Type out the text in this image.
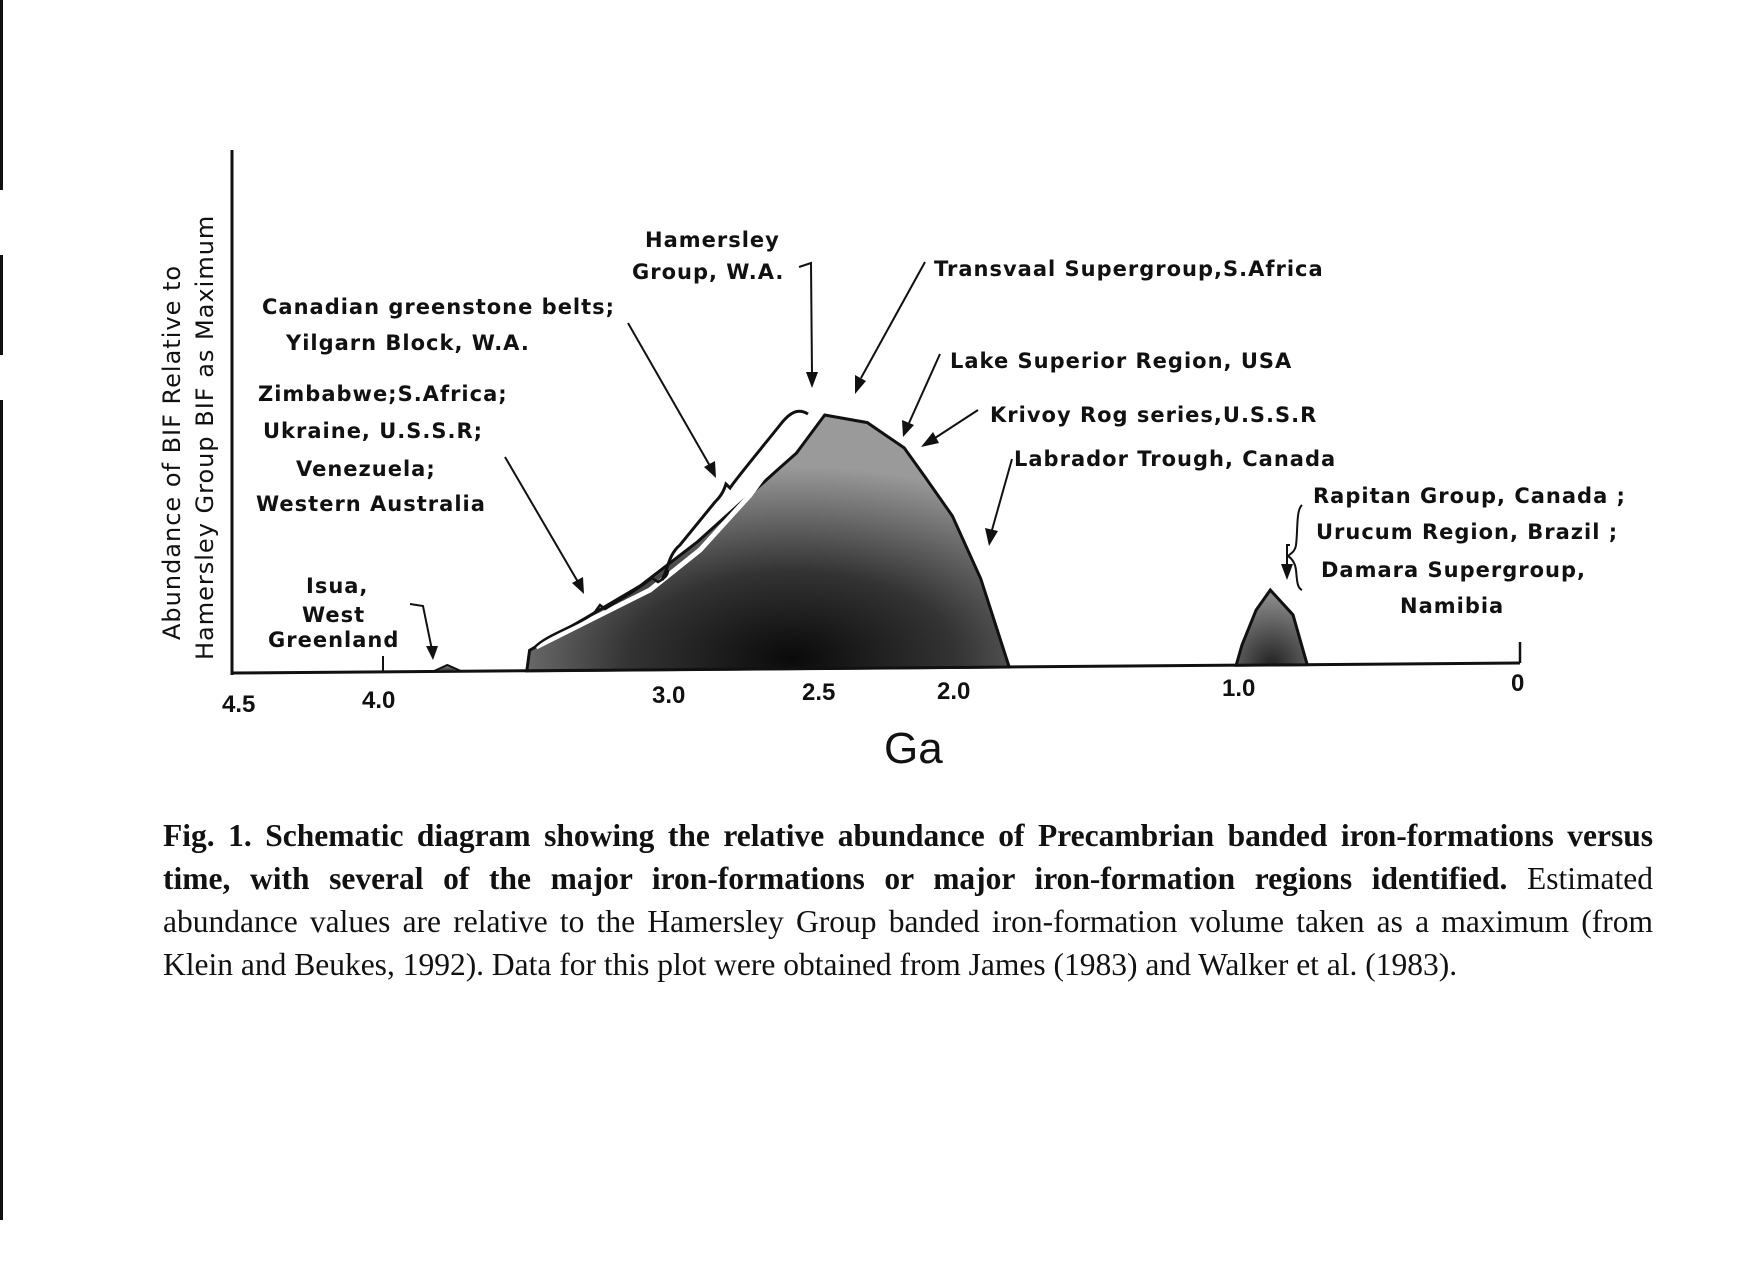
4.5	4.0	3.0	2.5	2.0	1.0	0
Ga
Abundance of BIF Relative to Hamersley Group BIF as Maximum	Isua,
West
Greenland
Zimbabwe;S.Africa;
Ukraine, U.S.S.R;
Venezuela;
Western Australia
Canadian greenstone belts;
Yilgarn Block, W.A.
Hamersley
Group, W.A.	Transvaal Supergroup,S.Africa
Lake Superior Region, USA
Krivoy Rog series,U.S.S.R
Labrador Trough, Canada
Rapitan Group, Canada ;
Urucum Region, Brazil ;
Damara Supergroup,
Namibia

Fig. 1. Schematic diagram showing the relative abundance of Precambrian banded iron-formations versus time, with several of the major iron-formations or major iron-formation regions identified. Estimated abundance values are relative to the Hamersley Group banded iron-formation volume taken as a maximum (from Klein and Beukes, 1992). Data for this plot were obtained from James (1983) and Walker et al. (1983).
